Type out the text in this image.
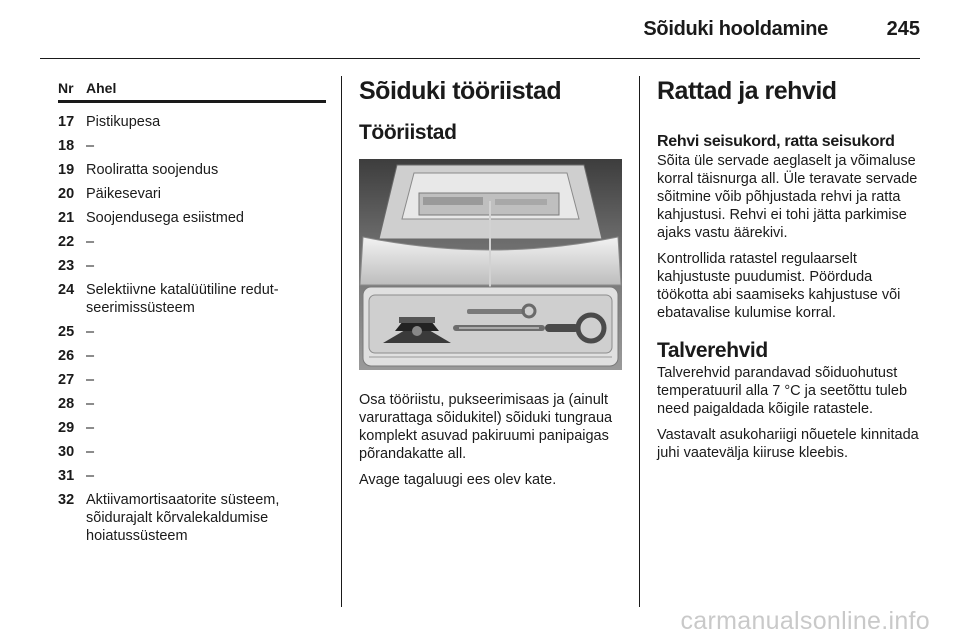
Sõiduki hooldamine	245
Nr Ahel
17 Pistikupesa
18 –
19 Rooliratta soojendus
20 Päikesevari
21 Soojendusega esiistmed
22 –
23 –
24 Selektiivne katalüütiline redut-seerimissüsteem
25 –
26 –
27 –
28 –
29 –
30 –
31 –
32 Aktiivamortisaatorite süsteem, sõidurajalt kõrvalekaldumise hoiatussüsteem
Sõiduki tööriistad
Tööriistad

Osa tööriistu, pukseerimisaas ja (ainult varurattaga sõidukitel) sõiduki tungraua komplekt asuvad pakiruumi panipaigas põrandakatte all.

Avage tagaluugi ees olev kate.

Rattad ja rehvid
Rehvi seisukord, ratta seisukord

Sõita üle servade aeglaselt ja võimaluse korral täisnurga all. Üle teravate servade sõitmine võib põhjustada rehvi ja ratta kahjustusi. Rehvi ei tohi jätta parkimise ajaks vastu äärekivi.

Kontrollida ratastel regulaarselt kahjustuste puudumist. Pöörduda töökotta abi saamiseks kahjustuse või ebatavalise kulumise korral.

Talverehvid

Talverehvid parandavad sõiduohutust temperatuuril alla 7 °C ja seetõttu tuleb need paigaldada kõigile ratastele.

Vastavalt asukohariigi nõuetele kinnitada juhi vaatevälja kiiruse kleebis.

carmanualsonline.info
